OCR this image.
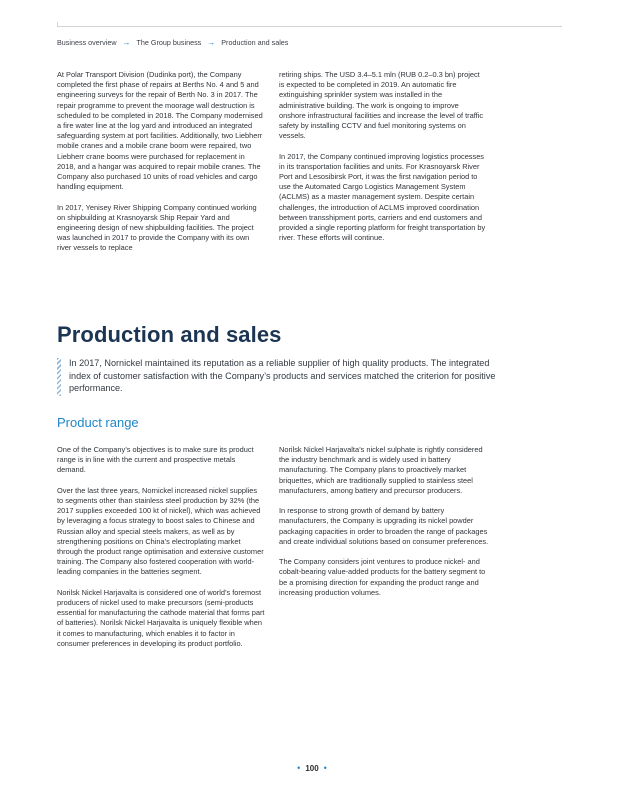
Business overview → The Group business → Production and sales

At Polar Transport Division (Dudinka port), the Company completed the first phase of repairs at Berths No. 4 and 5 and engineering surveys for the repair of Berth No. 3 in 2017. The repair programme to prevent the moorage wall destruction is scheduled to be completed in 2018. The Company modernised a fire water line at the log yard and introduced an integrated safeguarding system at port facilities. Additionally, two Liebherr mobile cranes and a mobile crane boom were repaired, two Liebherr crane booms were purchased for replacement in 2018, and a hangar was acquired to repair mobile cranes. The Company also purchased 10 units of road vehicles and cargo handling equipment.

In 2017, Yenisey River Shipping Company continued working on shipbuilding at Krasnoyarsk Ship Repair Yard and engineering design of new shipbuilding facilities. The project was launched in 2017 to provide the Company with its own river vessels to replace

retiring ships. The USD 3.4–5.1 mln (RUB 0.2–0.3 bn) project is expected to be completed in 2019. An automatic fire extinguishing sprinkler system was installed in the administrative building. The work is ongoing to improve onshore infrastructural facilities and increase the level of traffic safety by installing CCTV and fuel monitoring systems on vessels.

In 2017, the Company continued improving logistics processes in its transportation facilities and units. For Krasnoyarsk River Port and Lesosibirsk Port, it was the first navigation period to use the Automated Cargo Logistics Management System (ACLMS) as a master management system. Despite certain challenges, the introduction of ACLMS improved coordination between transshipment ports, carriers and end customers and provided a single reporting platform for freight transportation by river. These efforts will continue.

Production and sales
In 2017, Nornickel maintained its reputation as a reliable supplier of high quality products. The integrated index of customer satisfaction with the Company’s products and services matched the criterion for positive performance.
Product range

One of the Company’s objectives is to make sure its product range is in line with the current and prospective metals demand.

Over the last three years, Nornickel increased nickel supplies to segments other than stainless steel production by 32% (the 2017 supplies exceeded 100 kt of nickel), which was achieved by leveraging a focus strategy to boost sales to Chinese and Russian alloy and special steels makers, as well as by strengthening positions on China’s electroplating market through the product range optimisation and extensive customer training. The Company also fostered cooperation with world-leading companies in the batteries segment.

Norilsk Nickel Harjavalta is considered one of world’s foremost producers of nickel used to make precursors (semi-products essential for manufacturing the cathode material that forms part of batteries). Norilsk Nickel Harjavalta is uniquely flexible when it comes to manufacturing, which enables it to factor in consumer preferences in developing its product portfolio.

Norilsk Nickel Harjavalta’s nickel sulphate is rightly considered the industry benchmark and is widely used in battery manufacturing. The Company plans to proactively market briquettes, which are traditionally supplied to stainless steel manufacturers, among battery and precursor producers.

In response to strong growth of demand by battery manufacturers, the Company is upgrading its nickel powder packaging capacities in order to broaden the range of packages and create individual solutions based on consumer preferences.

The Company considers joint ventures to produce nickel- and cobalt-bearing value-added products for the battery segment to be a promising direction for expanding the product range and increasing production volumes.

• 100 •
